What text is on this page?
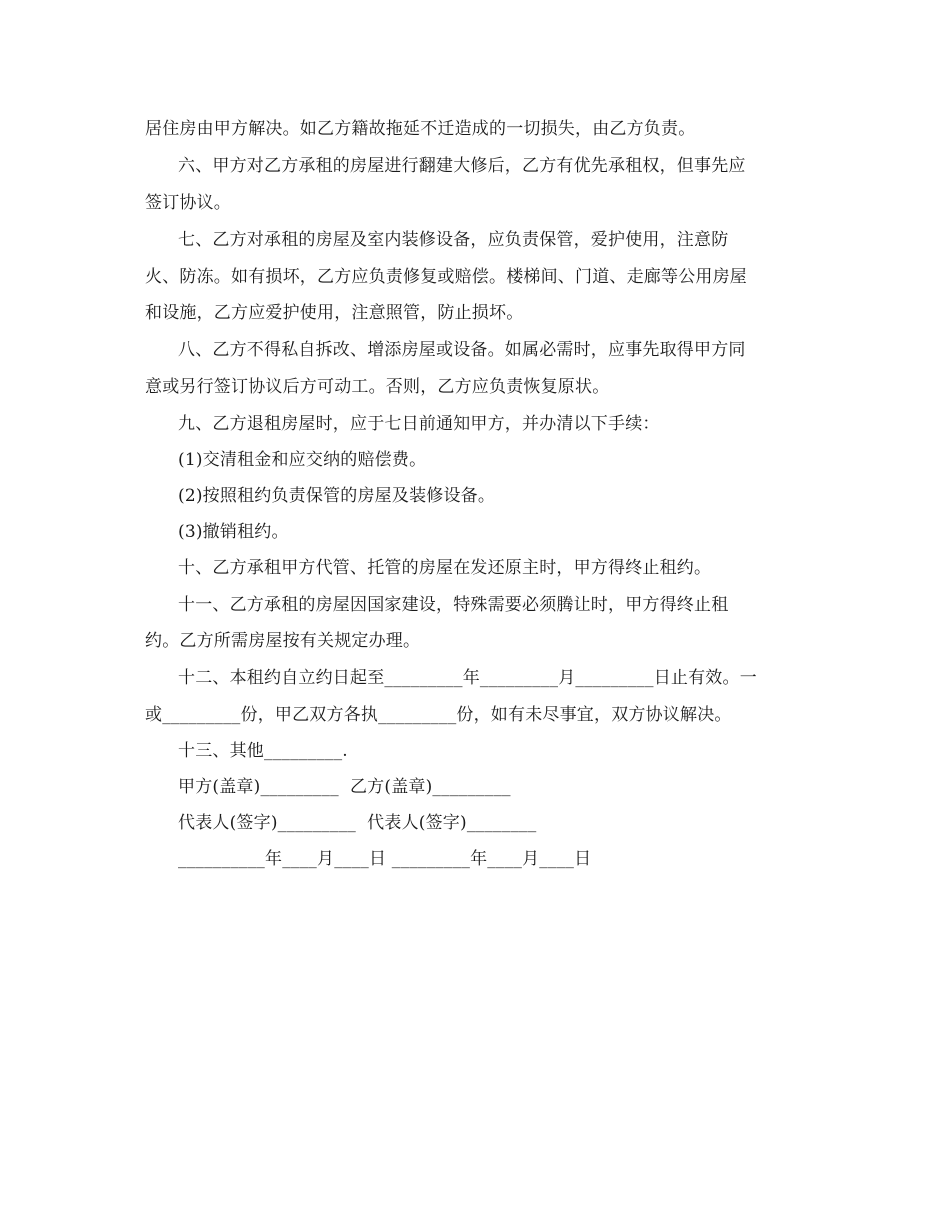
居住房由甲方解决。如乙方籍故拖延不迁造成的一切损失，由乙方负责。
六、甲方对乙方承租的房屋进行翻建大修后，乙方有优先承租权，但事先应
签订协议。
七、乙方对承租的房屋及室内装修设备，应负责保管，爱护使用，注意防
火、防冻。如有损坏，乙方应负责修复或赔偿。楼梯间、门道、走廊等公用房屋
和设施，乙方应爱护使用，注意照管，防止损坏。
八、乙方不得私自拆改、增添房屋或设备。如属必需时，应事先取得甲方同
意或另行签订协议后方可动工。否则，乙方应负责恢复原状。
九、乙方退租房屋时，应于七日前通知甲方，并办清以下手续：
(1)交清租金和应交纳的赔偿费。
(2)按照租约负责保管的房屋及装修设备。
(3)撤销租约。
十、乙方承租甲方代管、托管的房屋在发还原主时，甲方得终止租约。
十一、乙方承租的房屋因国家建设，特殊需要必须腾让时，甲方得终止租
约。乙方所需房屋按有关规定办理。
十二、本租约自立约日起至_________年_________月_________日止有效。一
或_________份，甲乙双方各执_________份，如有未尽事宜，双方协议解决。
十三、其他_________.
甲方(盖章)_________  乙方(盖章)_________
代表人(签字)_________  代表人(签字)________
__________年____月____日 _________年____月____日
